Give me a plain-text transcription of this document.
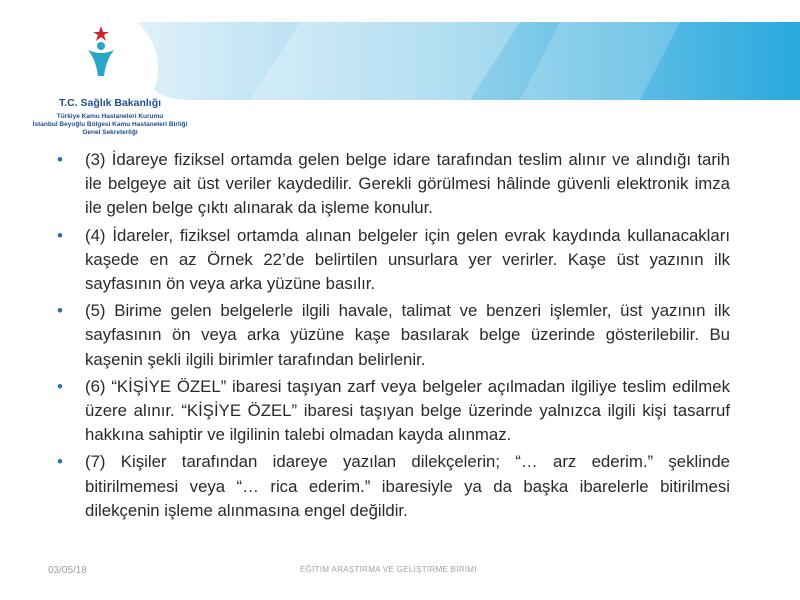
T.C. Sağlık Bakanlığı
Türkiye Kamu Hastaneleri Kurumu
İstanbul Beyoğlu Bölgesi Kamu Hastaneleri Birliği
Genel Sekreterliği
• (3) İdareye fiziksel ortamda gelen belge idare tarafından teslim alınır ve alındığı tarih ile belgeye ait üst veriler kaydedilir. Gerekli görülmesi hâlinde güvenli elektronik imza ile gelen belge çıktı alınarak da işleme konulur.
• (4) İdareler, fiziksel ortamda alınan belgeler için gelen evrak kaydında kullanacakları kaşede en az Örnek 22’de belirtilen unsurlara yer verirler. Kaşe üst yazının ilk sayfasının ön veya arka yüzüne basılır.
• (5) Birime gelen belgelerle ilgili havale, talimat ve benzeri işlemler, üst yazının ilk sayfasının ön veya arka yüzüne kaşe basılarak belge üzerinde gösterilebilir. Bu kaşenin şekli ilgili birimler tarafından belirlenir.
• (6) “KİŞİYE ÖZEL” ibaresi taşıyan zarf veya belgeler açılmadan ilgiliye teslim edilmek üzere alınır. “KİŞİYE ÖZEL” ibaresi taşıyan belge üzerinde yalnızca ilgili kişi tasarruf hakkına sahiptir ve ilgilinin talebi olmadan kayda alınmaz.
• (7) Kişiler tarafından idareye yazılan dilekçelerin; “… arz ederim.” şeklinde bitirilmemesi veya “… rica ederim.” ibaresiyle ya da başka ibarelerle bitirilmesi dilekçenin işleme alınmasına engel değildir.
03/05/18	EĞİTİM ARAŞTIRMA VE GELİŞTİRME BİRİMİ
